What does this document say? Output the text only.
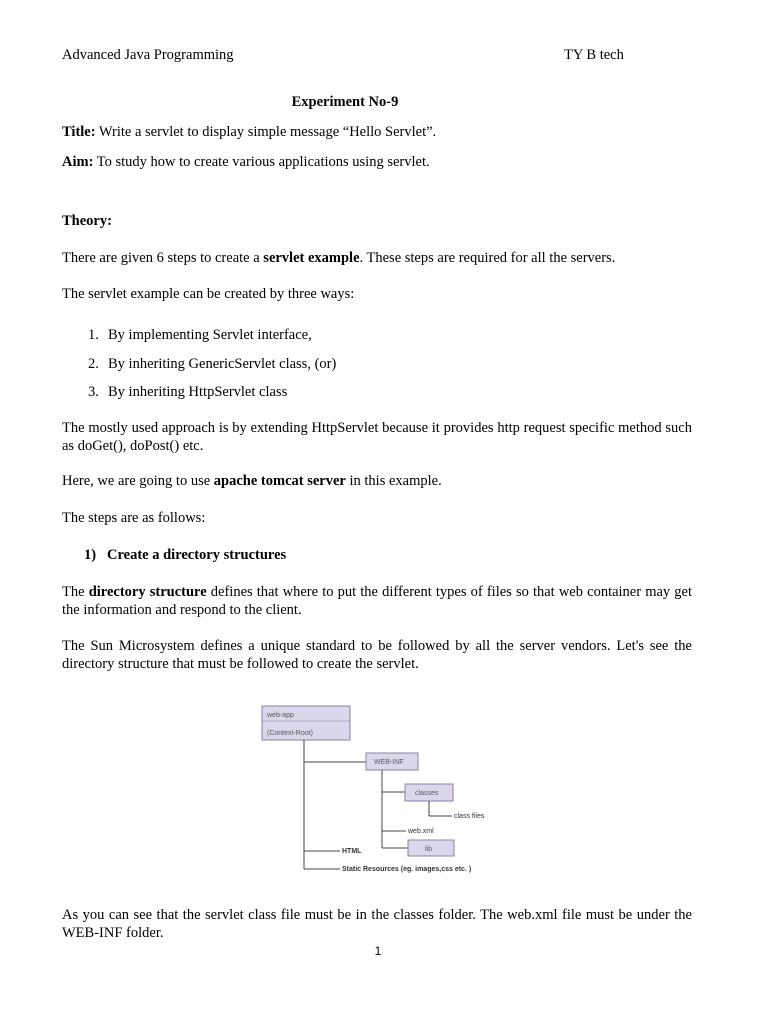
Advanced Java Programming	TY B tech
Experiment No-9
Title: Write a servlet to display simple message “Hello Servlet”.
Aim: To study how to create various applications using servlet.
Theory:
There are given 6 steps to create a servlet example. These steps are required for all the servers.
The servlet example can be created by three ways:
1. By implementing Servlet interface,
2. By inheriting GenericServlet class, (or)
3. By inheriting HttpServlet class
The mostly used approach is by extending HttpServlet because it provides http request specific method such as doGet(), doPost() etc.
Here, we are going to use apache tomcat server in this example.
The steps are as follows:
1) Create a directory structures
The directory structure defines that where to put the different types of files so that web container may get the information and respond to the client.
The Sun Microsystem defines a unique standard to be followed by all the server vendors. Let's see the directory structure that must be followed to create the servlet.
web-app
(Context-Root)
WEB-INF
classes
class files
web.xml
lib
HTML
Static Resources (eg. images,css etc. )
As you can see that the servlet class file must be in the classes folder. The web.xml file must be under the WEB-INF folder.
1
